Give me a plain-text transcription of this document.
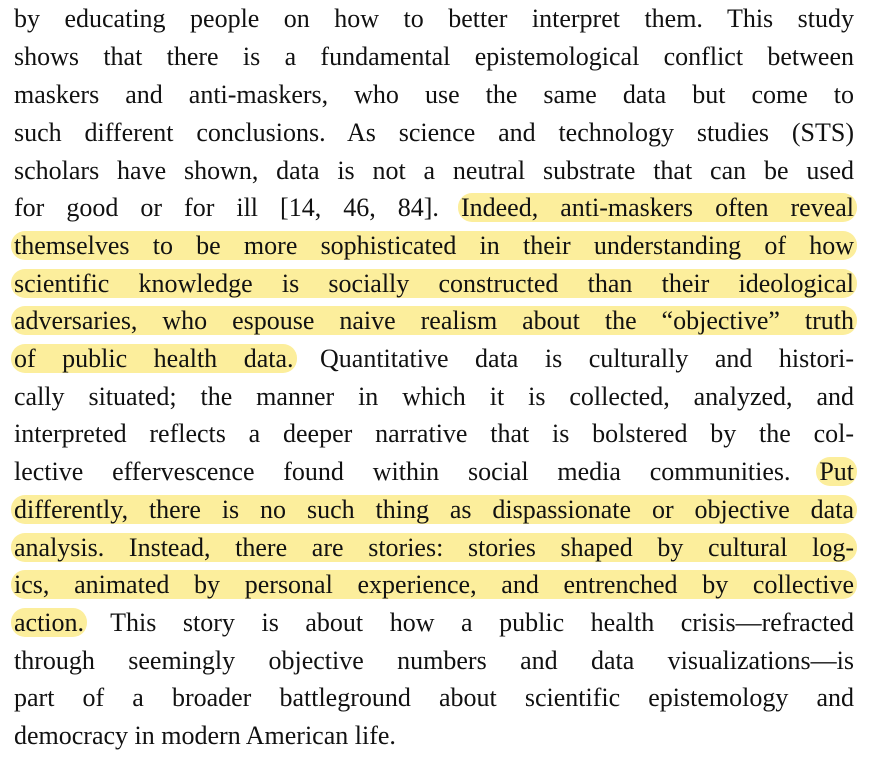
by educating people on how to better interpret them. This study
shows that there is a fundamental epistemological conflict between
maskers and anti-maskers, who use the same data but come to
such different conclusions. As science and technology studies (STS)
scholars have shown, data is not a neutral substrate that can be used
for good or for ill [14, 46, 84]. Indeed, anti-maskers often reveal
themselves to be more sophisticated in their understanding of how
scientific knowledge is socially constructed than their ideological
adversaries, who espouse naive realism about the “objective” truth
of public health data. Quantitative data is culturally and histori-
cally situated; the manner in which it is collected, analyzed, and
interpreted reflects a deeper narrative that is bolstered by the col-
lective effervescence found within social media communities. Put
differently, there is no such thing as dispassionate or objective data
analysis. Instead, there are stories: stories shaped by cultural log-
ics, animated by personal experience, and entrenched by collective
action. This story is about how a public health crisis—refracted
through seemingly objective numbers and data visualizations—is
part of a broader battleground about scientific epistemology and
democracy in modern American life.
